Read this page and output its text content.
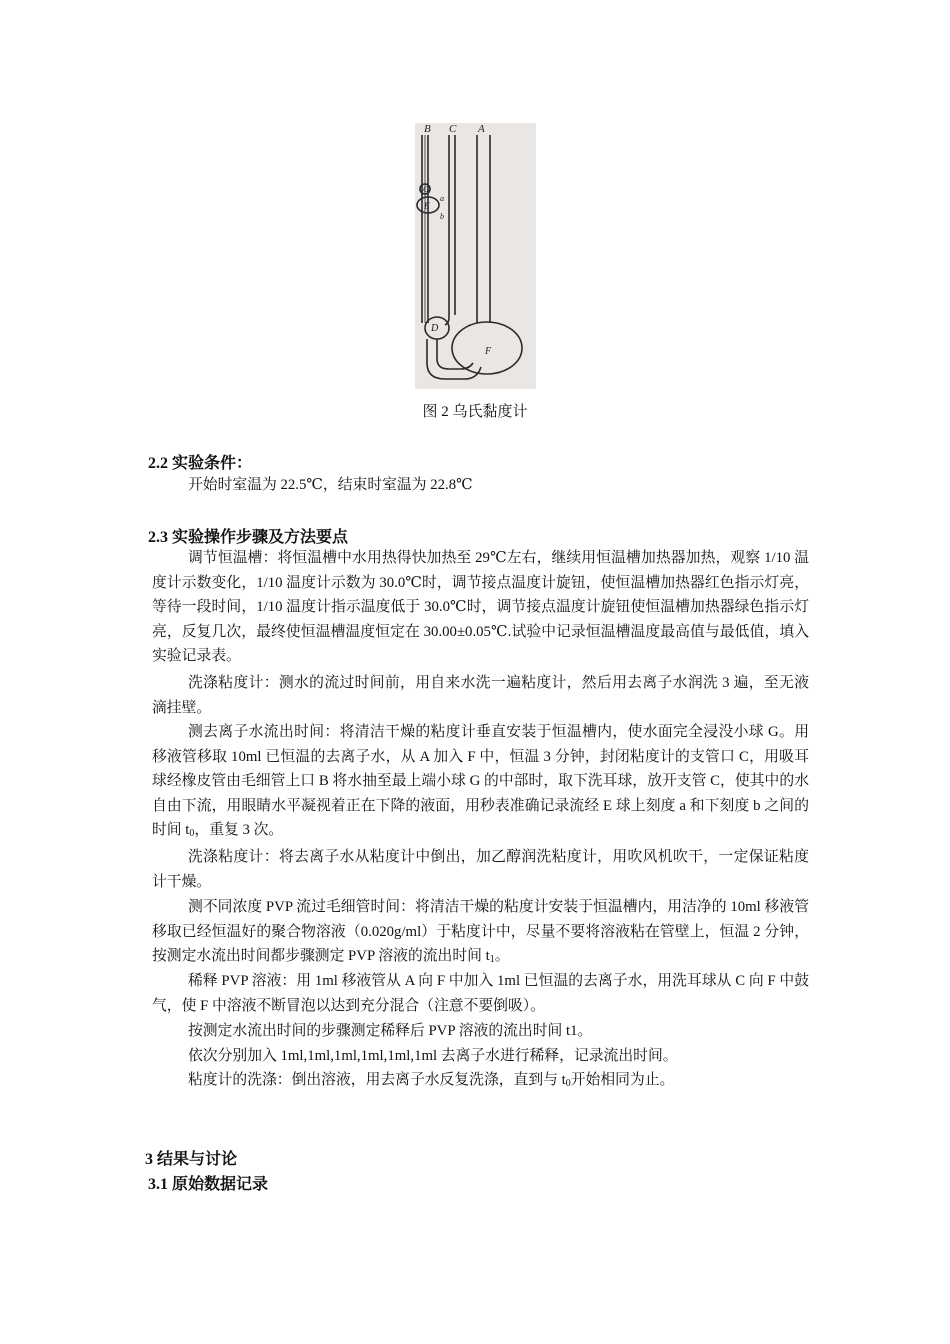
B C A
G
a
E
b
D
F
图 2 乌氏黏度计
2.2 实验条件：
开始时室温为 22.5℃，结束时室温为 22.8℃
2.3 实验操作步骤及方法要点
调节恒温槽：将恒温槽中水用热得快加热至 29℃左右，继续用恒温槽加热器加热，观察 1/10 温度计示数变化，1/10 温度计示数为 30.0℃时，调节接点温度计旋钮，使恒温槽加热器红色指示灯亮，等待一段时间，1/10 温度计指示温度低于 30.0℃时，调节接点温度计旋钮使恒温槽加热器绿色指示灯亮，反复几次，最终使恒温槽温度恒定在 30.00±0.05℃.试验中记录恒温槽温度最高值与最低值，填入实验记录表。
洗涤粘度计：测水的流过时间前，用自来水洗一遍粘度计，然后用去离子水润洗 3 遍，至无液滴挂壁。
测去离子水流出时间：将清洁干燥的粘度计垂直安装于恒温槽内，使水面完全浸没小球 G。用移液管移取 10ml 已恒温的去离子水，从 A 加入 F 中，恒温 3 分钟，封闭粘度计的支管口 C，用吸耳球经橡皮管由毛细管上口 B 将水抽至最上端小球 G 的中部时，取下洗耳球，放开支管 C，使其中的水自由下流，用眼睛水平凝视着正在下降的液面，用秒表准确记录流经 E 球上刻度 a 和下刻度 b 之间的时间 $t_0$，重复 3 次。
洗涤粘度计：将去离子水从粘度计中倒出，加乙醇润洗粘度计，用吹风机吹干，一定保证粘度计干燥。
测不同浓度 PVP 流过毛细管时间：将清洁干燥的粘度计安装于恒温槽内，用洁净的 10ml 移液管移取已经恒温好的聚合物溶液（0.020g/ml）于粘度计中，尽量不要将溶液粘在管壁上，恒温 2 分钟，按测定水流出时间都步骤测定 PVP 溶液的流出时间 $t_1$。
稀释 PVP 溶液：用 1ml 移液管从 A 向 F 中加入 1ml 已恒温的去离子水，用洗耳球从 C 向 F 中鼓气，使 F 中溶液不断冒泡以达到充分混合（注意不要倒吸）。
按测定水流出时间的步骤测定稀释后 PVP 溶液的流出时间 t1。
依次分别加入 1ml,1ml,1ml,1ml,1ml,1ml 去离子水进行稀释，记录流出时间。
粘度计的洗涤：倒出溶液，用去离子水反复洗涤，直到与 $t_0$开始相同为止。
3 结果与讨论
3.1 原始数据记录
